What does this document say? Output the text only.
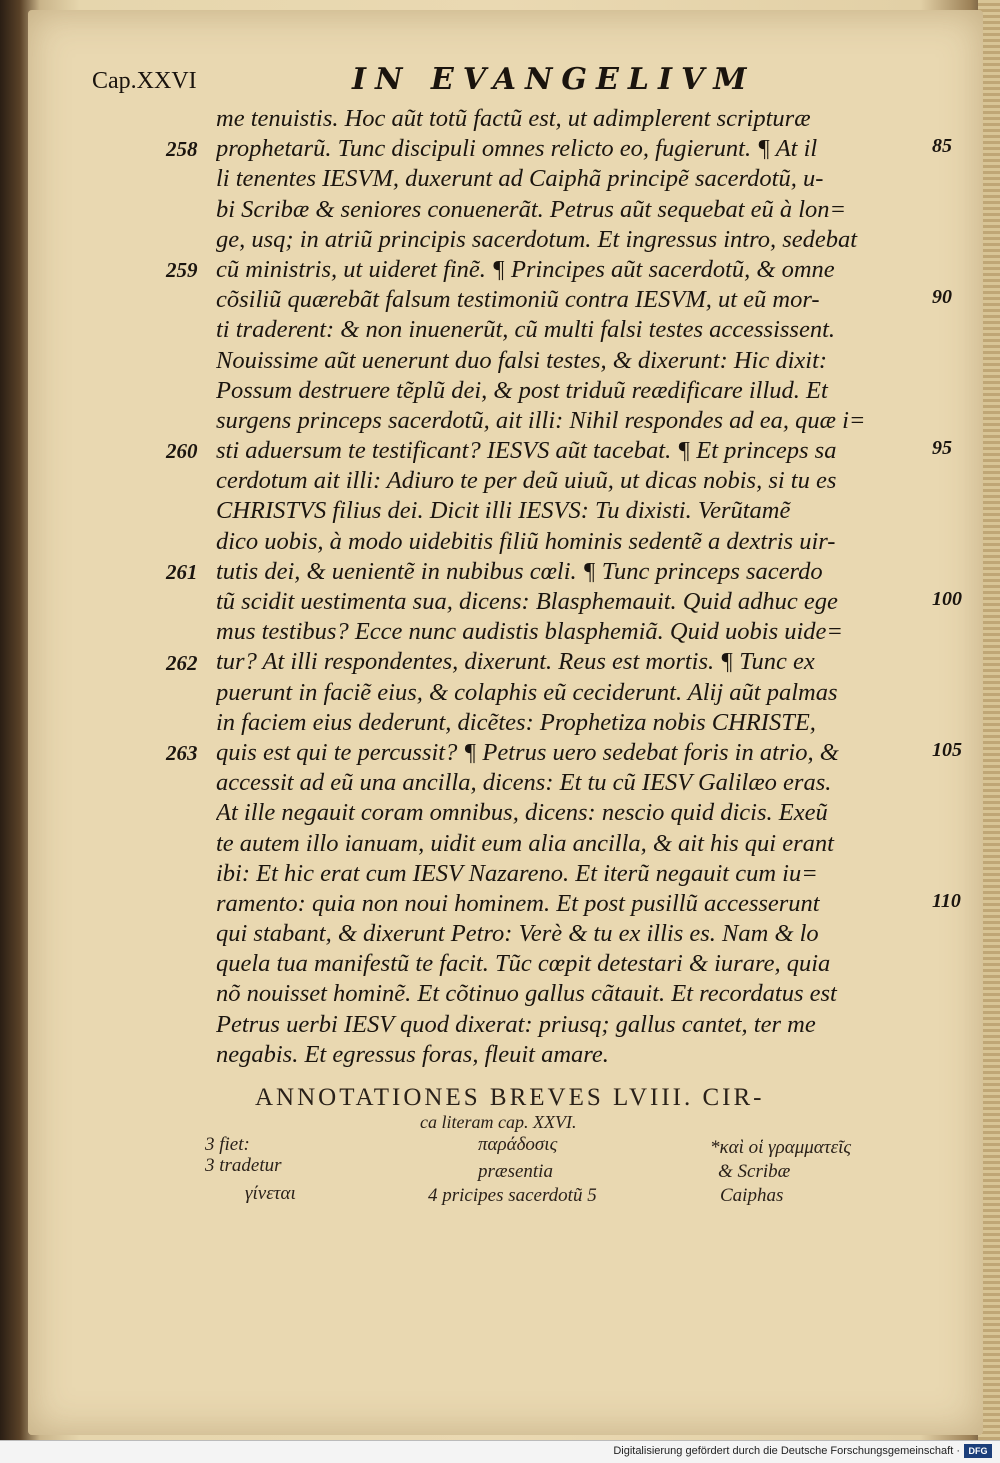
Cap.XXVI	IN EVANGELIVM
me tenuistis. Hoc aũt totũ factũ est, ut adimplerent scripturæ
prophetarũ. Tunc discipuli omnes relicto eo, fugierunt. ¶ At il
li tenentes IESVM, duxerunt ad Caiphã principẽ sacerdotũ, u-
bi Scribæ & seniores conuenerãt. Petrus aũt sequebat eũ à lon=
ge, usq; in atriũ principis sacerdotum. Et ingressus intro, sedebat
cũ ministris, ut uideret finẽ. ¶ Principes aũt sacerdotũ, & omne
cõsiliũ quærebãt falsum testimoniũ contra IESVM, ut eũ mor-
ti traderent: & non inuenerũt, cũ multi falsi testes accessissent.
Nouissime aũt uenerunt duo falsi testes, & dixerunt: Hic dixit:
Possum destruere tẽplũ dei, & post triduũ reædificare illud. Et
surgens princeps sacerdotũ, ait illi: Nihil respondes ad ea, quæ i=
sti aduersum te testificant? IESVS aũt tacebat. ¶ Et princeps sa
cerdotum ait illi: Adiuro te per deũ uiuũ, ut dicas nobis, si tu es
CHRISTVS filius dei. Dicit illi IESVS: Tu dixisti. Verũtamẽ
dico uobis, à modo uidebitis filiũ hominis sedentẽ a dextris uir-
tutis dei, & uenientẽ in nubibus cœli. ¶ Tunc princeps sacerdo
tũ scidit uestimenta sua, dicens: Blasphemauit. Quid adhuc ege
mus testibus? Ecce nunc audistis blasphemiã. Quid uobis uide=
tur? At illi respondentes, dixerunt. Reus est mortis. ¶ Tunc ex
puerunt in faciẽ eius, & colaphis eũ ceciderunt. Alij aũt palmas
in faciem eius dederunt, dicẽtes: Prophetiza nobis CHRISTE,
quis est qui te percussit? ¶ Petrus uero sedebat foris in atrio, &
accessit ad eũ una ancilla, dicens: Et tu cũ IESV Galilæo eras.
At ille negauit coram omnibus, dicens: nescio quid dicis. Exeũ
te autem illo ianuam, uidit eum alia ancilla, & ait his qui erant
ibi: Et hic erat cum IESV Nazareno. Et iterũ negauit cum iu=
ramento: quia non noui hominem. Et post pusillũ accesserunt
qui stabant, & dixerunt Petro: Verè & tu ex illis es. Nam & lo
quela tua manifestũ te facit. Tũc cœpit detestari & iurare, quia
nõ nouisset hominẽ. Et cõtinuo gallus cãtauit. Et recordatus est
Petrus uerbi IESV quod dixerat: priusq; gallus cantet, ter me
negabis. Et egressus foras, fleuit amare.
258
259
260
261
262
263
85
90
95
100
105
110
ANNOTATIONES BREVES LVIII. CIR-
ca literam cap. XXVI.
3 fiet:
3 tradetur
γίνεται
παράδοσις
præsentia
4 pricipes sacerdotũ 5
*καὶ οἱ γραμματεῖς
& Scribæ
Caiphas
Digitalisierung gefördert durch die Deutsche Forschungsgemeinschaft · DFG
